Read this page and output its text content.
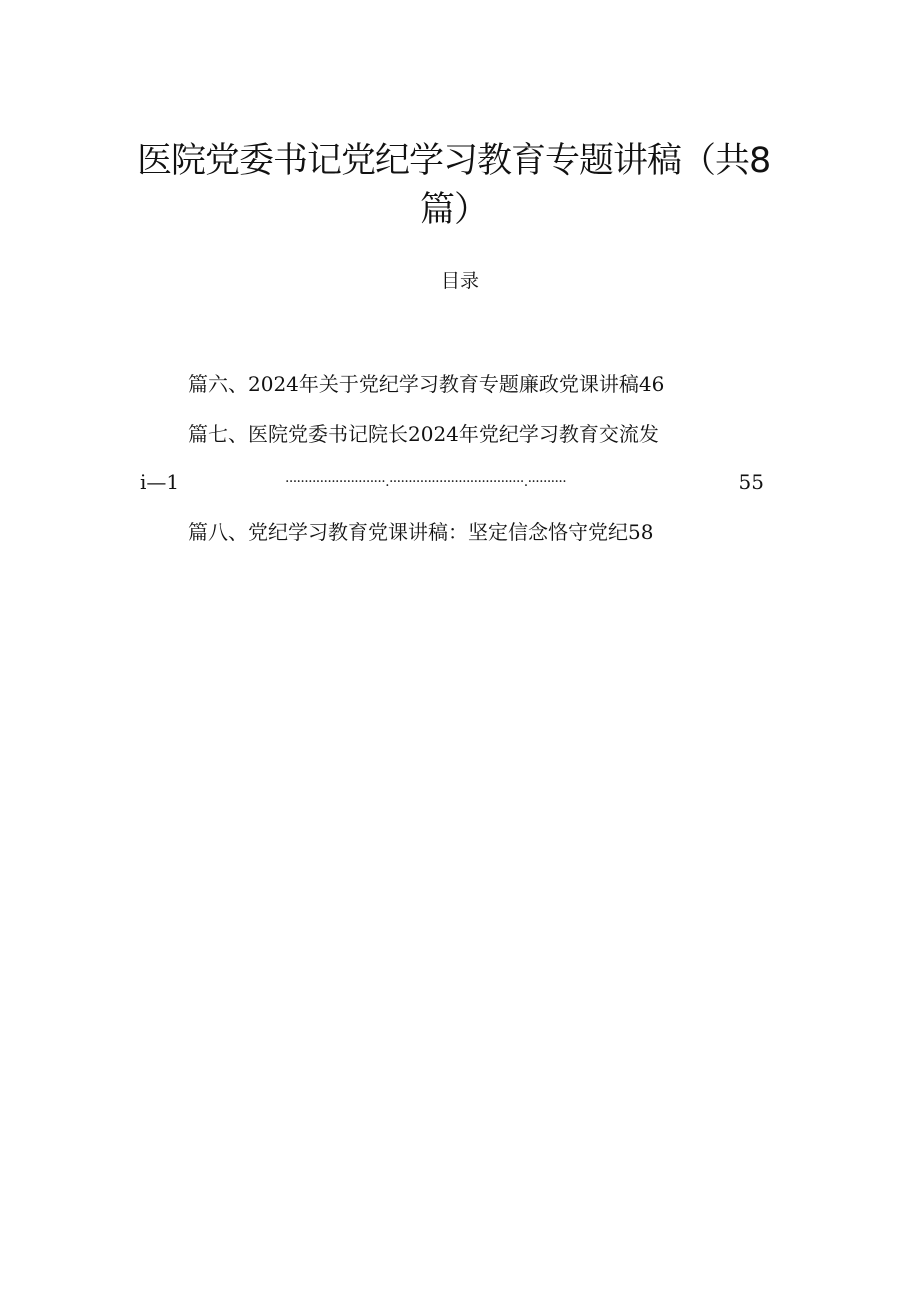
医院党委书记党纪学习教育专题讲稿（共8
篇）
目录
篇六、2024年关于党纪学习教育专题廉政党课讲稿46
篇七、医院党委书记院长2024年党纪学习教育交流发
i—1	··························.···································.··········	55
篇八、党纪学习教育党课讲稿：坚定信念恪守党纪58
